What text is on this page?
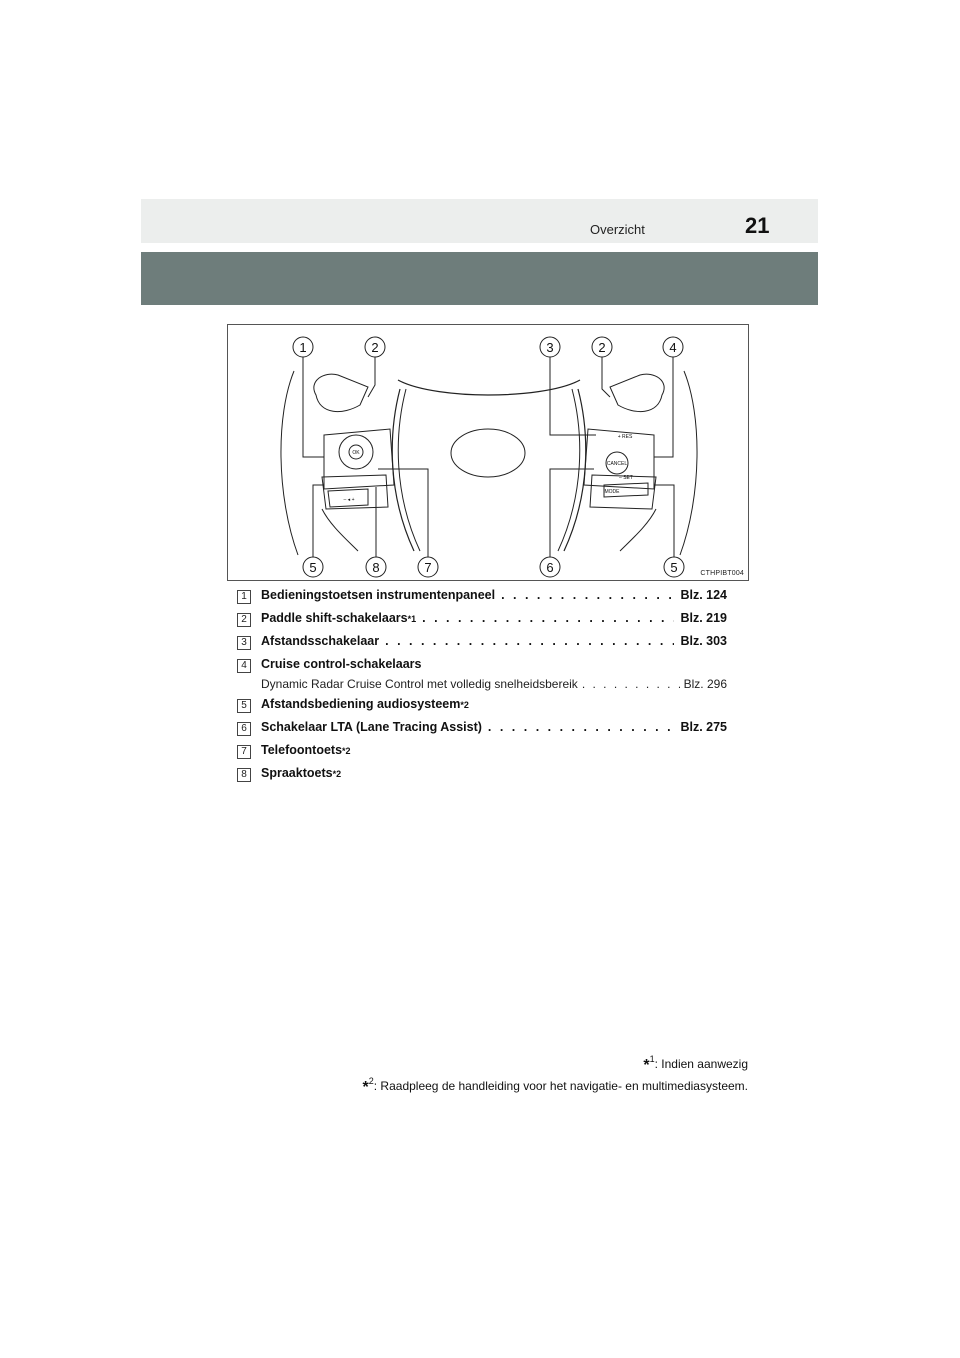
Overzicht	21
1	2	3	2	4
5	8	7	6	5
OK
– ◂ +
+ RES
CANCEL
– SET
MODE
CTHPIBT004
1	Bedieningstoetsen instrumentenpaneel . . .	Blz. 124
2	Paddle shift-schakelaars *1 . . .	Blz. 219
3	Afstandsschakelaar . . .	Blz. 303
4	Cruise control-schakelaars
Dynamic Radar Cruise Control met volledig snelheidsbereik . . .	Blz. 296
5	Afstandsbediening audiosysteem *2
6	Schakelaar LTA (Lane Tracing Assist) . . .	Blz. 275
7	Telefoontoets *2
8	Spraaktoets *2
*$^1$: Indien aanwezig
*$^2$: Raadpleeg de handleiding voor het navigatie- en multimediasysteem.
